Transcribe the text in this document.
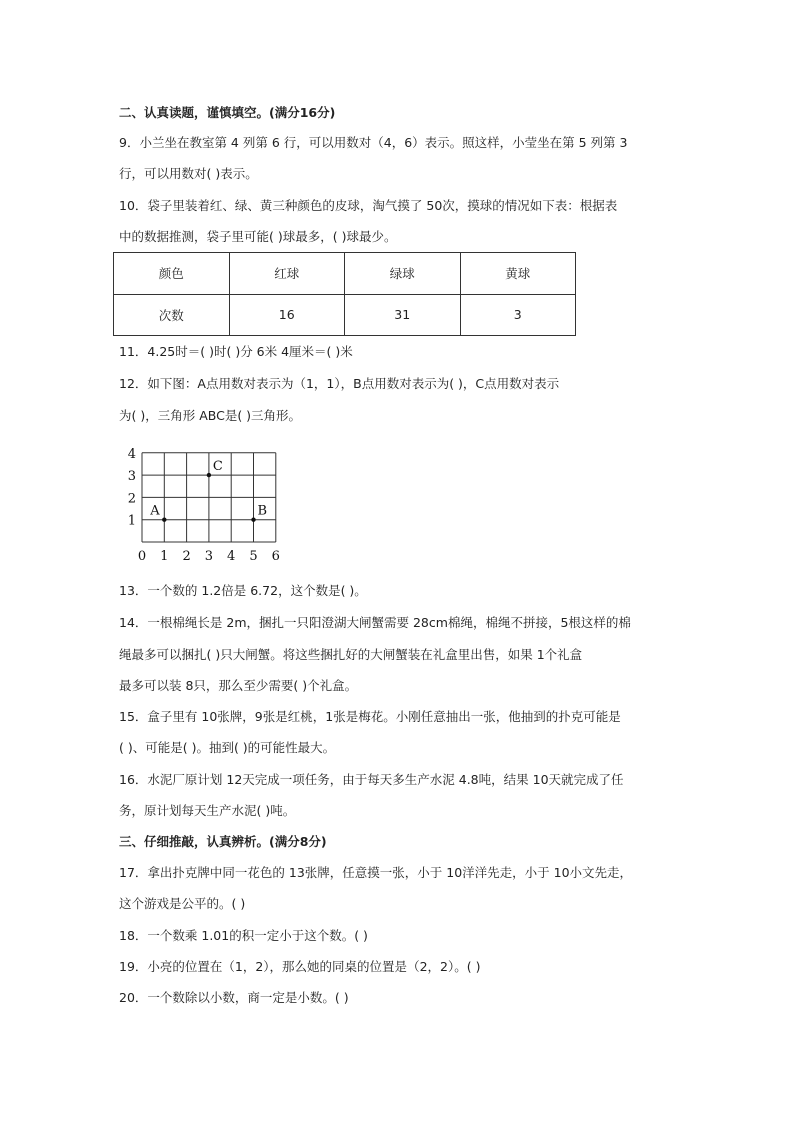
二、认真读题，谨慎填空。(满分16分)
9．小兰坐在教室第 4 列第 6 行，可以用数对（4，6）表示。照这样，小莹坐在第 5 列第 3
行，可以用数对( )表示。
10．袋子里装着红、绿、黄三种颜色的皮球，淘气摸了 50次，摸球的情况如下表：根据表
中的数据推测，袋子里可能( )球最多，( )球最少。
颜色	红球	绿球	黄球
次数	16	31	3
11．4.25时＝( )时( )分 6米 4厘米＝( )米
12．如下图：A点用数对表示为（1，1），B点用数对表示为( )，C点用数对表示
为( )，三角形 ABC是( )三角形。
0 1 2 3 4 5 6
1
2
3
4
A	B
C
13．一个数的 1.2倍是 6.72，这个数是( )。
14．一根棉绳长是 2m，捆扎一只阳澄湖大闸蟹需要 28cm棉绳，棉绳不拼接，5根这样的棉
绳最多可以捆扎( )只大闸蟹。将这些捆扎好的大闸蟹装在礼盒里出售，如果 1个礼盒
最多可以装 8只，那么至少需要( )个礼盒。
15．盒子里有 10张牌，9张是红桃，1张是梅花。小刚任意抽出一张，他抽到的扑克可能是
( )、可能是( )。抽到( )的可能性最大。
16．水泥厂原计划 12天完成一项任务，由于每天多生产水泥 4.8吨，结果 10天就完成了任
务，原计划每天生产水泥( )吨。
三、仔细推敲，认真辨析。(满分8分)
17．拿出扑克牌中同一花色的 13张牌，任意摸一张，小于 10洋洋先走，小于 10小文先走，
这个游戏是公平的。( )
18．一个数乘 1.01的积一定小于这个数。( )
19．小亮的位置在（1，2），那么她的同桌的位置是（2，2）。( )
20．一个数除以小数，商一定是小数。( )
